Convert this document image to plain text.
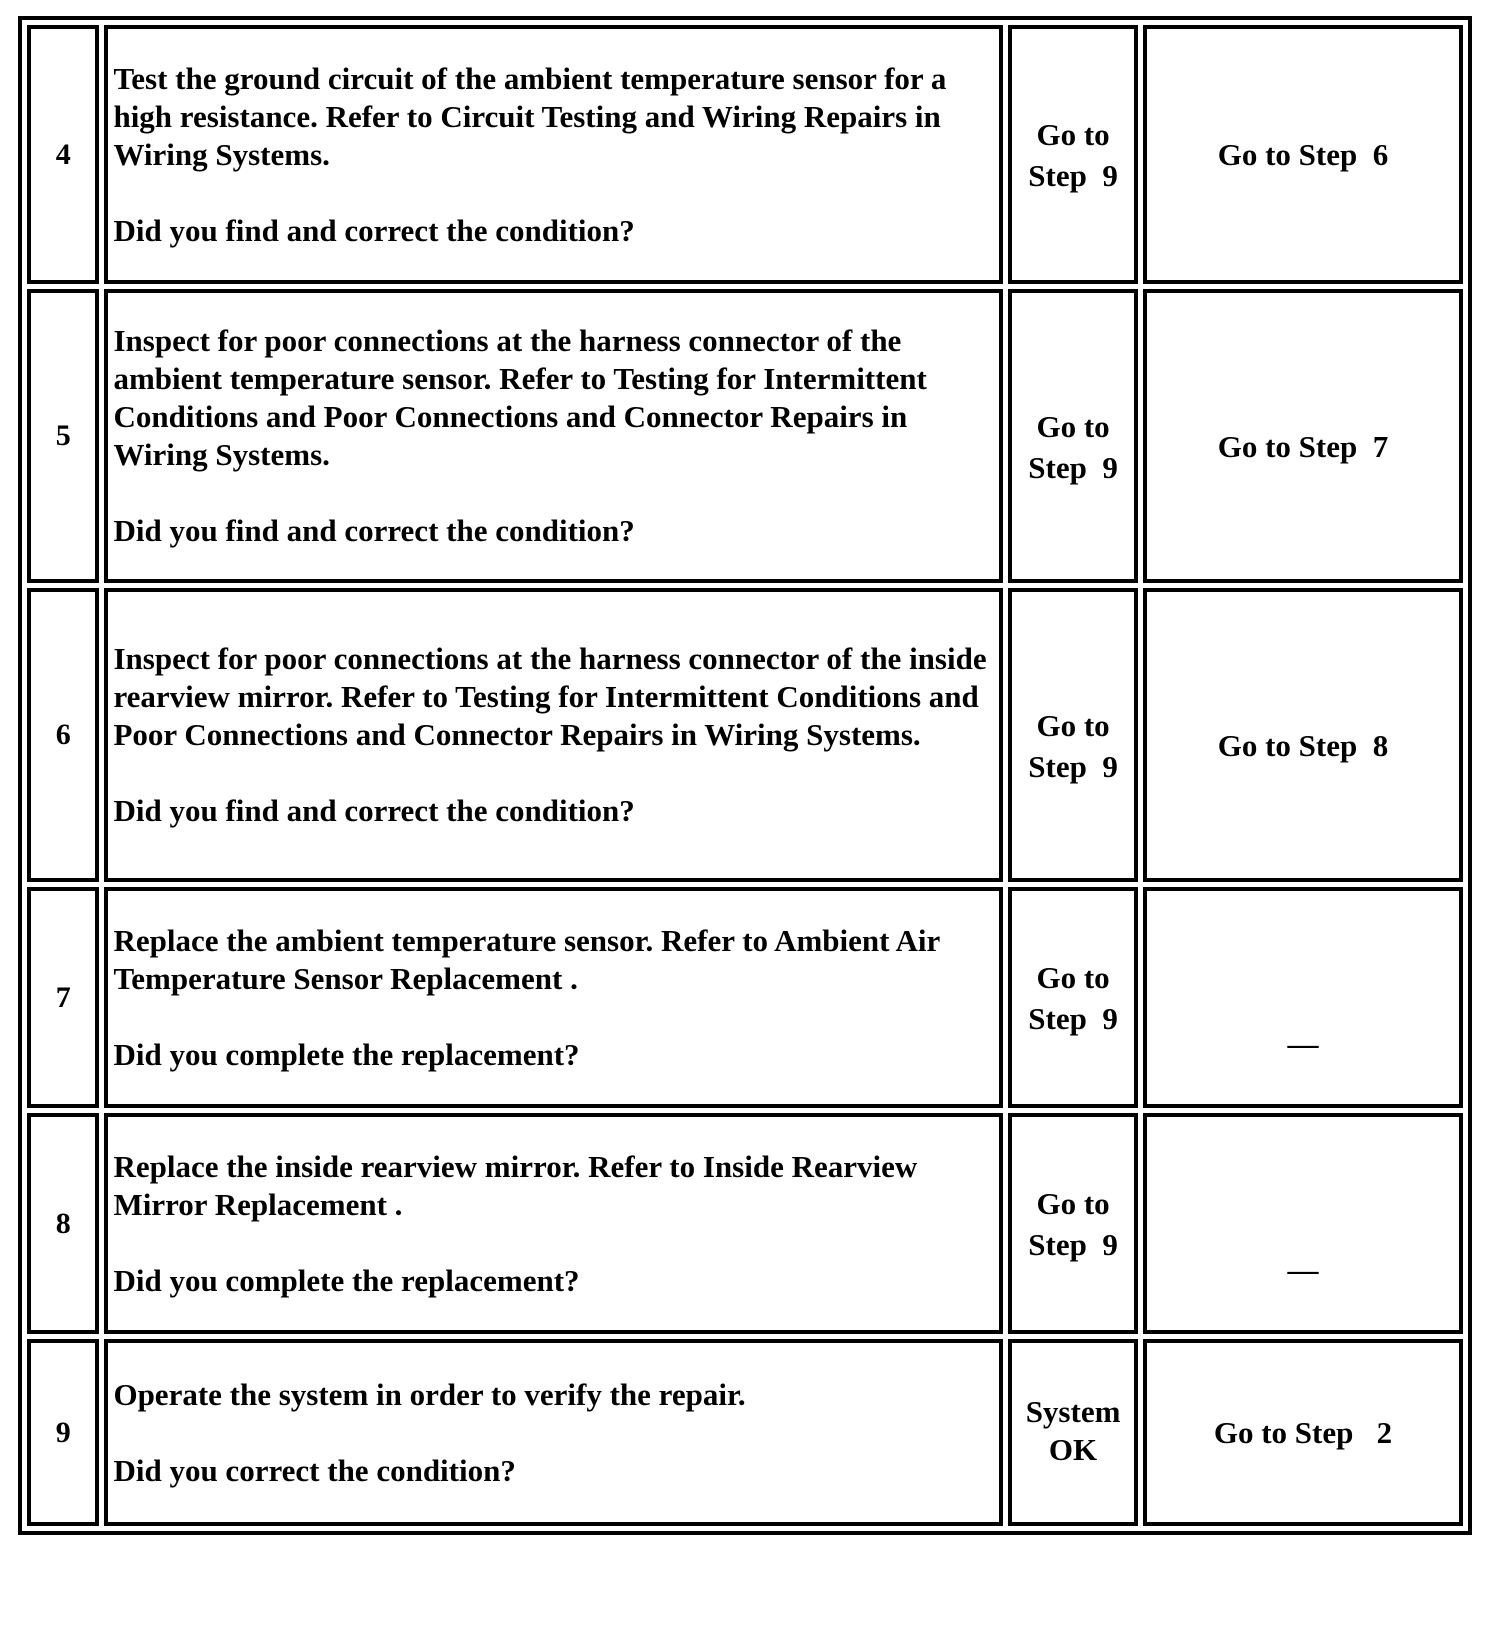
4	Test the ground circuit of the ambient temperature sensor for a high resistance. Refer to Circuit Testing and Wiring Repairs in Wiring Systems.
Did you find and correct the condition?	Go to Step  9	Go to Step  6
5	Inspect for poor connections at the harness connector of the ambient temperature sensor. Refer to Testing for Intermittent Conditions and Poor Connections and Connector Repairs in Wiring Systems.
Did you find and correct the condition?	Go to Step  9	Go to Step  7
6	Inspect for poor connections at the harness connector of the inside rearview mirror. Refer to Testing for Intermittent Conditions and Poor Connections and Connector Repairs in Wiring Systems.
Did you find and correct the condition?	Go to Step  9	Go to Step  8
7	Replace the ambient temperature sensor. Refer to Ambient Air Temperature Sensor Replacement .
Did you complete the replacement?	Go to Step  9	—
8	Replace the inside rearview mirror. Refer to Inside Rearview Mirror Replacement .
Did you complete the replacement?	Go to Step  9	—
9	Operate the system in order to verify the repair.
Did you correct the condition?	System OK	Go to Step   2
